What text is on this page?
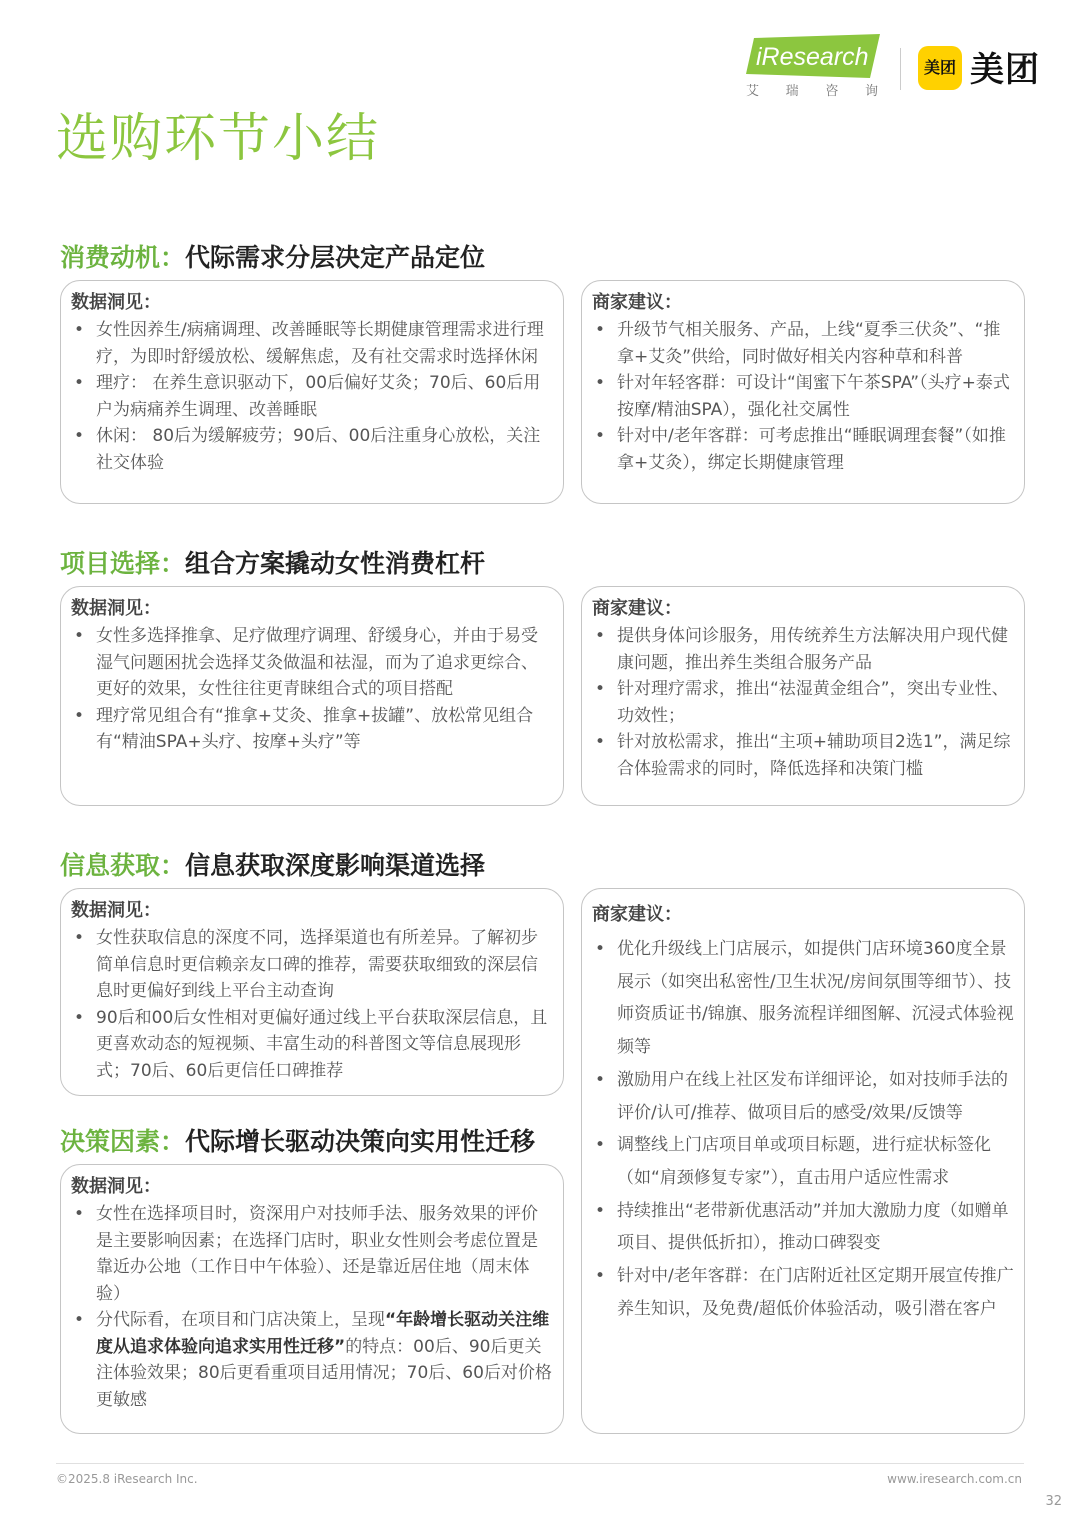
iResearch
艾 瑞 咨 询
美团 美团
选购环节小结
消费动机：代际需求分层决定产品定位
数据洞见：
• 女性因养生/病痛调理、改善睡眠等长期健康管理需求进行理疗，为即时舒缓放松、缓解焦虑，及有社交需求时选择休闲
• 理疗： 在养生意识驱动下，00后偏好艾灸；70后、60后用户为病痛养生调理、改善睡眠
• 休闲： 80后为缓解疲劳；90后、00后注重身心放松，关注社交体验
商家建议：
• 升级节气相关服务、产品，上线“夏季三伏灸”、“推拿+艾灸”供给，同时做好相关内容种草和科普
• 针对年轻客群：可设计“闺蜜下午茶SPA”（头疗+泰式按摩/精油SPA），强化社交属性
• 针对中/老年客群：可考虑推出“睡眠调理套餐”（如推拿+艾灸），绑定长期健康管理
项目选择：组合方案撬动女性消费杠杆
数据洞见：
• 女性多选择推拿、足疗做理疗调理、舒缓身心，并由于易受湿气问题困扰会选择艾灸做温和祛湿，而为了追求更综合、更好的效果，女性往往更青睐组合式的项目搭配
• 理疗常见组合有“推拿+艾灸、推拿+拔罐”、放松常见组合有“精油SPA+头疗、按摩+头疗”等
商家建议：
• 提供身体问诊服务，用传统养生方法解决用户现代健康问题，推出养生类组合服务产品
• 针对理疗需求，推出“祛湿黄金组合”，突出专业性、功效性；
• 针对放松需求，推出“主项+辅助项目2选1”，满足综合体验需求的同时，降低选择和决策门槛
信息获取：信息获取深度影响渠道选择
数据洞见：
• 女性获取信息的深度不同，选择渠道也有所差异。了解初步简单信息时更信赖亲友口碑的推荐，需要获取细致的深层信息时更偏好到线上平台主动查询
• 90后和00后女性相对更偏好通过线上平台获取深层信息，且更喜欢动态的短视频、丰富生动的科普图文等信息展现形式；70后、60后更信任口碑推荐
决策因素：代际增长驱动决策向实用性迁移
数据洞见：
• 女性在选择项目时，资深用户对技师手法、服务效果的评价是主要影响因素；在选择门店时，职业女性则会考虑位置是靠近办公地（工作日中午体验）、还是靠近居住地（周末体验）
• 分代际看，在项目和门店决策上，呈现“年龄增长驱动关注维度从追求体验向追求实用性迁移”的特点：00后、90后更关注体验效果；80后更看重项目适用情况；70后、60后对价格更敏感
商家建议：
• 优化升级线上门店展示，如提供门店环境360度全景展示（如突出私密性/卫生状况/房间氛围等细节）、技师资质证书/锦旗、服务流程详细图解、沉浸式体验视频等
• 激励用户在线上社区发布详细评论，如对技师手法的评价/认可/推荐、做项目后的感受/效果/反馈等
• 调整线上门店项目单或项目标题，进行症状标签化（如“肩颈修复专家”），直击用户适应性需求
• 持续推出“老带新优惠活动”并加大激励力度（如赠单项目、提供低折扣），推动口碑裂变
• 针对中/老年客群：在门店附近社区定期开展宣传推广养生知识，及免费/超低价体验活动，吸引潜在客户
©2025.8 iResearch Inc.	www.iresearch.com.cn
32
